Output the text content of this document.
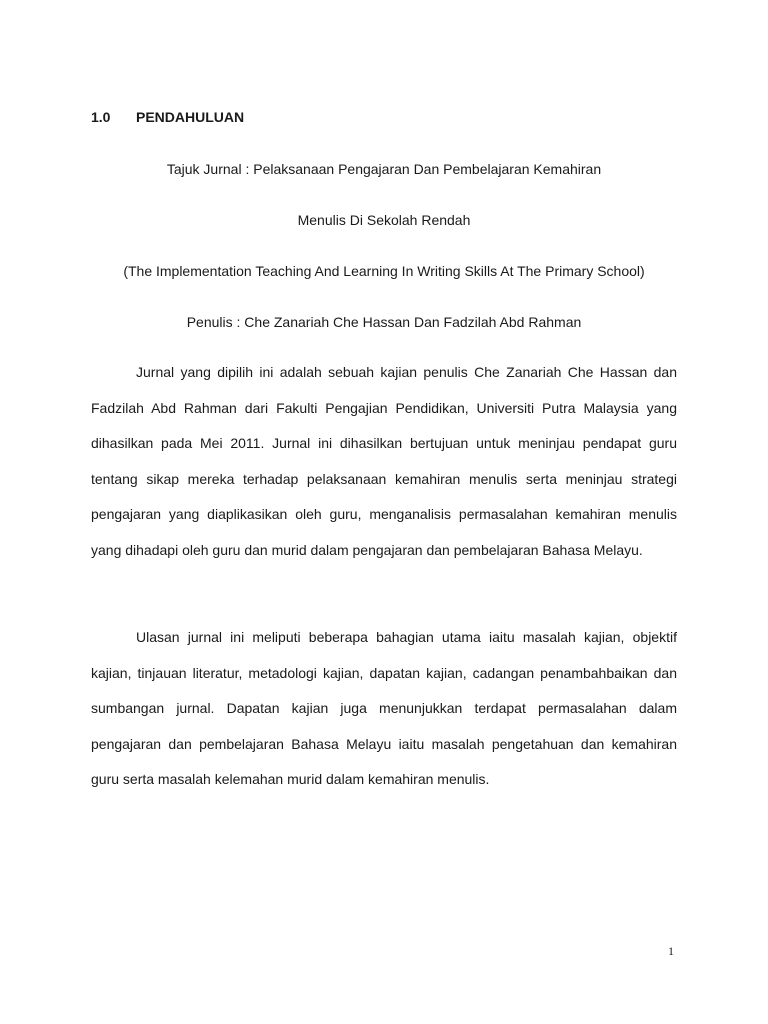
1.0 PENDAHULUAN
Tajuk Jurnal : Pelaksanaan Pengajaran Dan Pembelajaran Kemahiran
Menulis Di Sekolah Rendah
(The Implementation Teaching And Learning In Writing Skills At The Primary School)
Penulis : Che Zanariah Che Hassan Dan Fadzilah Abd Rahman

Jurnal yang dipilih ini adalah sebuah kajian penulis Che Zanariah Che Hassan dan Fadzilah Abd Rahman dari Fakulti Pengajian Pendidikan, Universiti Putra Malaysia yang dihasilkan pada Mei 2011. Jurnal ini dihasilkan bertujuan untuk meninjau pendapat guru tentang sikap mereka terhadap pelaksanaan kemahiran menulis serta meninjau strategi pengajaran yang diaplikasikan oleh guru, menganalisis permasalahan kemahiran menulis yang dihadapi oleh guru dan murid dalam pengajaran dan pembelajaran Bahasa Melayu.

Ulasan jurnal ini meliputi beberapa bahagian utama iaitu masalah kajian, objektif kajian, tinjauan literatur, metadologi kajian, dapatan kajian, cadangan penambahbaikan dan sumbangan jurnal. Dapatan kajian juga menunjukkan terdapat permasalahan dalam pengajaran dan pembelajaran Bahasa Melayu iaitu masalah pengetahuan dan kemahiran guru serta masalah kelemahan murid dalam kemahiran menulis.

1
